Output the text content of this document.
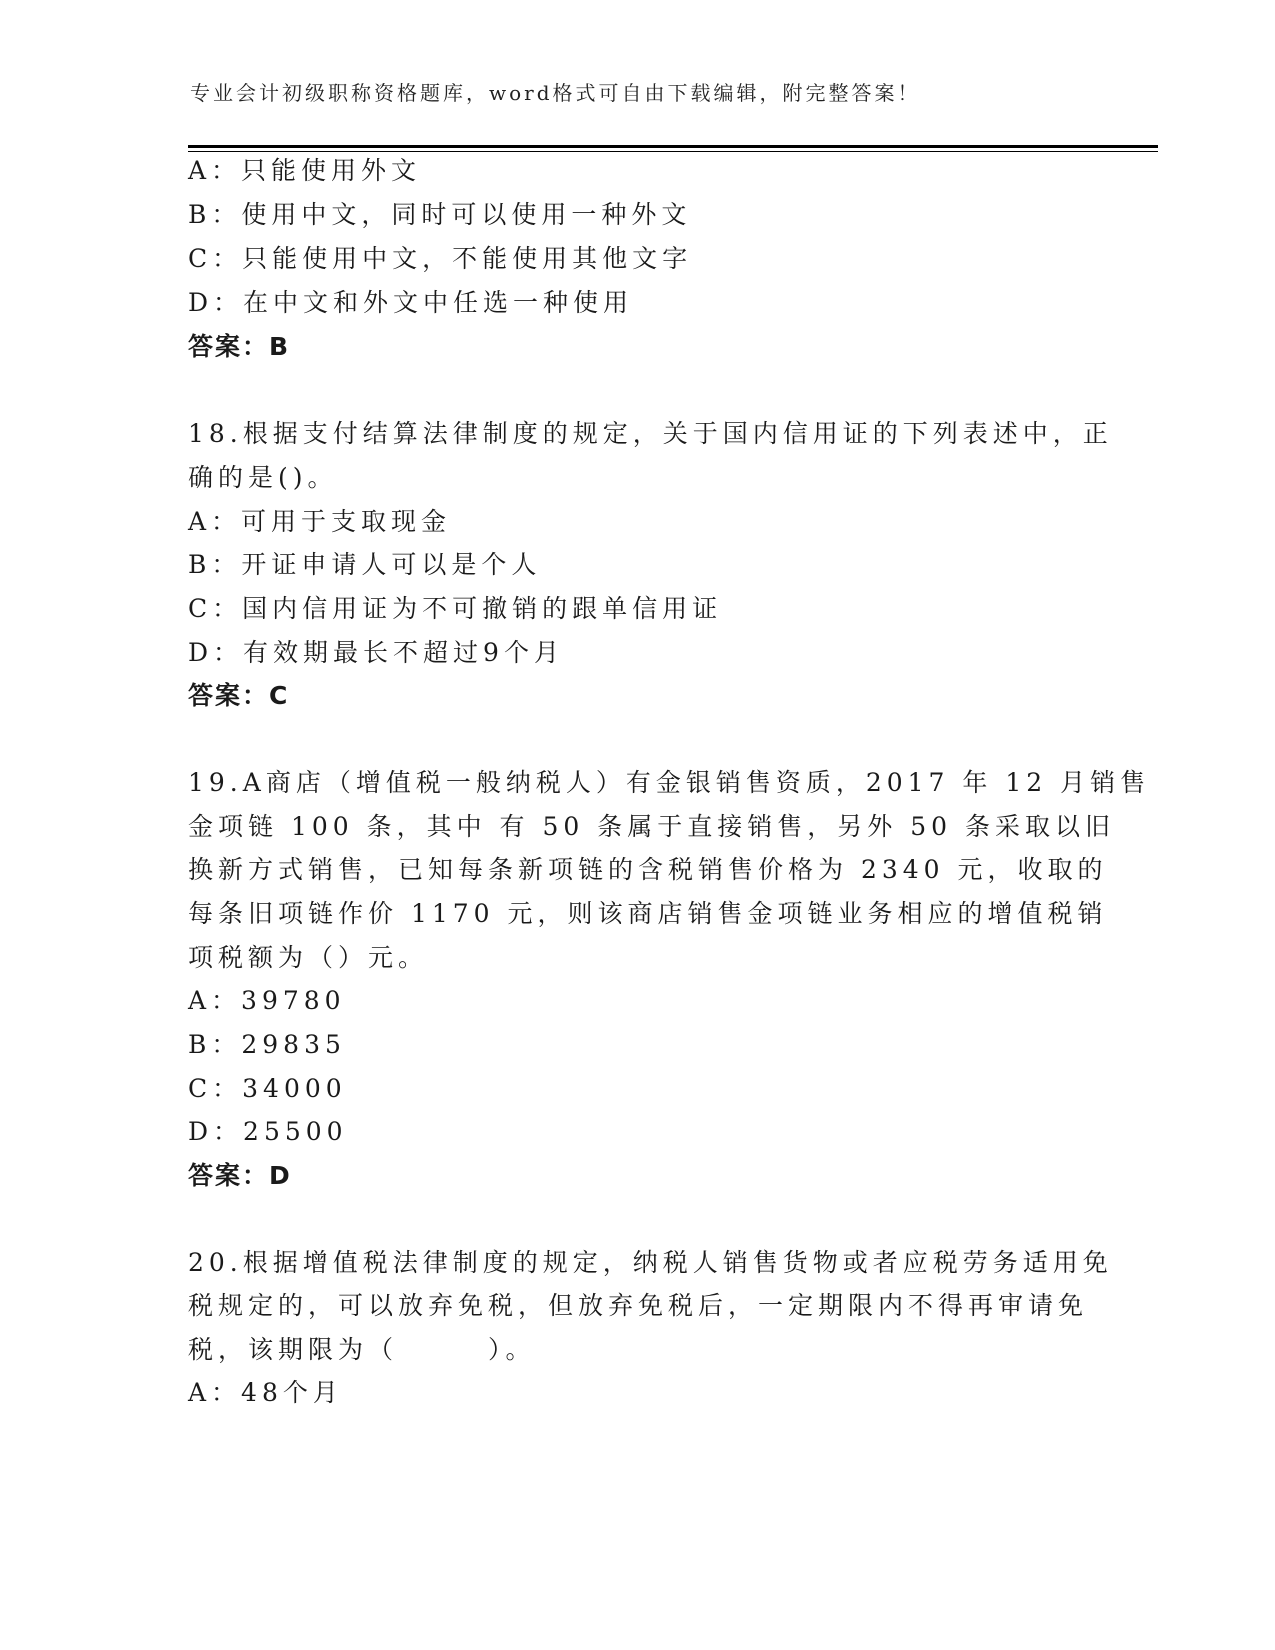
专业会计初级职称资格题库，word格式可自由下载编辑，附完整答案！
A：只能使用外文
B：使用中文，同时可以使用一种外文
C：只能使用中文，不能使用其他文字
D：在中文和外文中任选一种使用
答案：B
18.根据支付结算法律制度的规定，关于国内信用证的下列表述中，正
确的是()。
A：可用于支取现金
B：开证申请人可以是个人
C：国内信用证为不可撤销的跟单信用证
D：有效期最长不超过9个月
答案：C
19.A商店（增值税一般纳税人）有金银销售资质，2017 年 12 月销售
金项链 100 条，其中 有 50 条属于直接销售，另外 50 条采取以旧
换新方式销售，已知每条新项链的含税销售价格为 2340 元，收取的
每条旧项链作价 1170 元，则该商店销售金项链业务相应的增值税销
项税额为（）元。
A：39780
B：29835
C：34000
D：25500
答案：D
20.根据增值税法律制度的规定，纳税人销售货物或者应税劳务适用免
税规定的，可以放弃免税，但放弃免税后，一定期限内不得再审请免
税，该期限为（　　　）。
A：48个月
